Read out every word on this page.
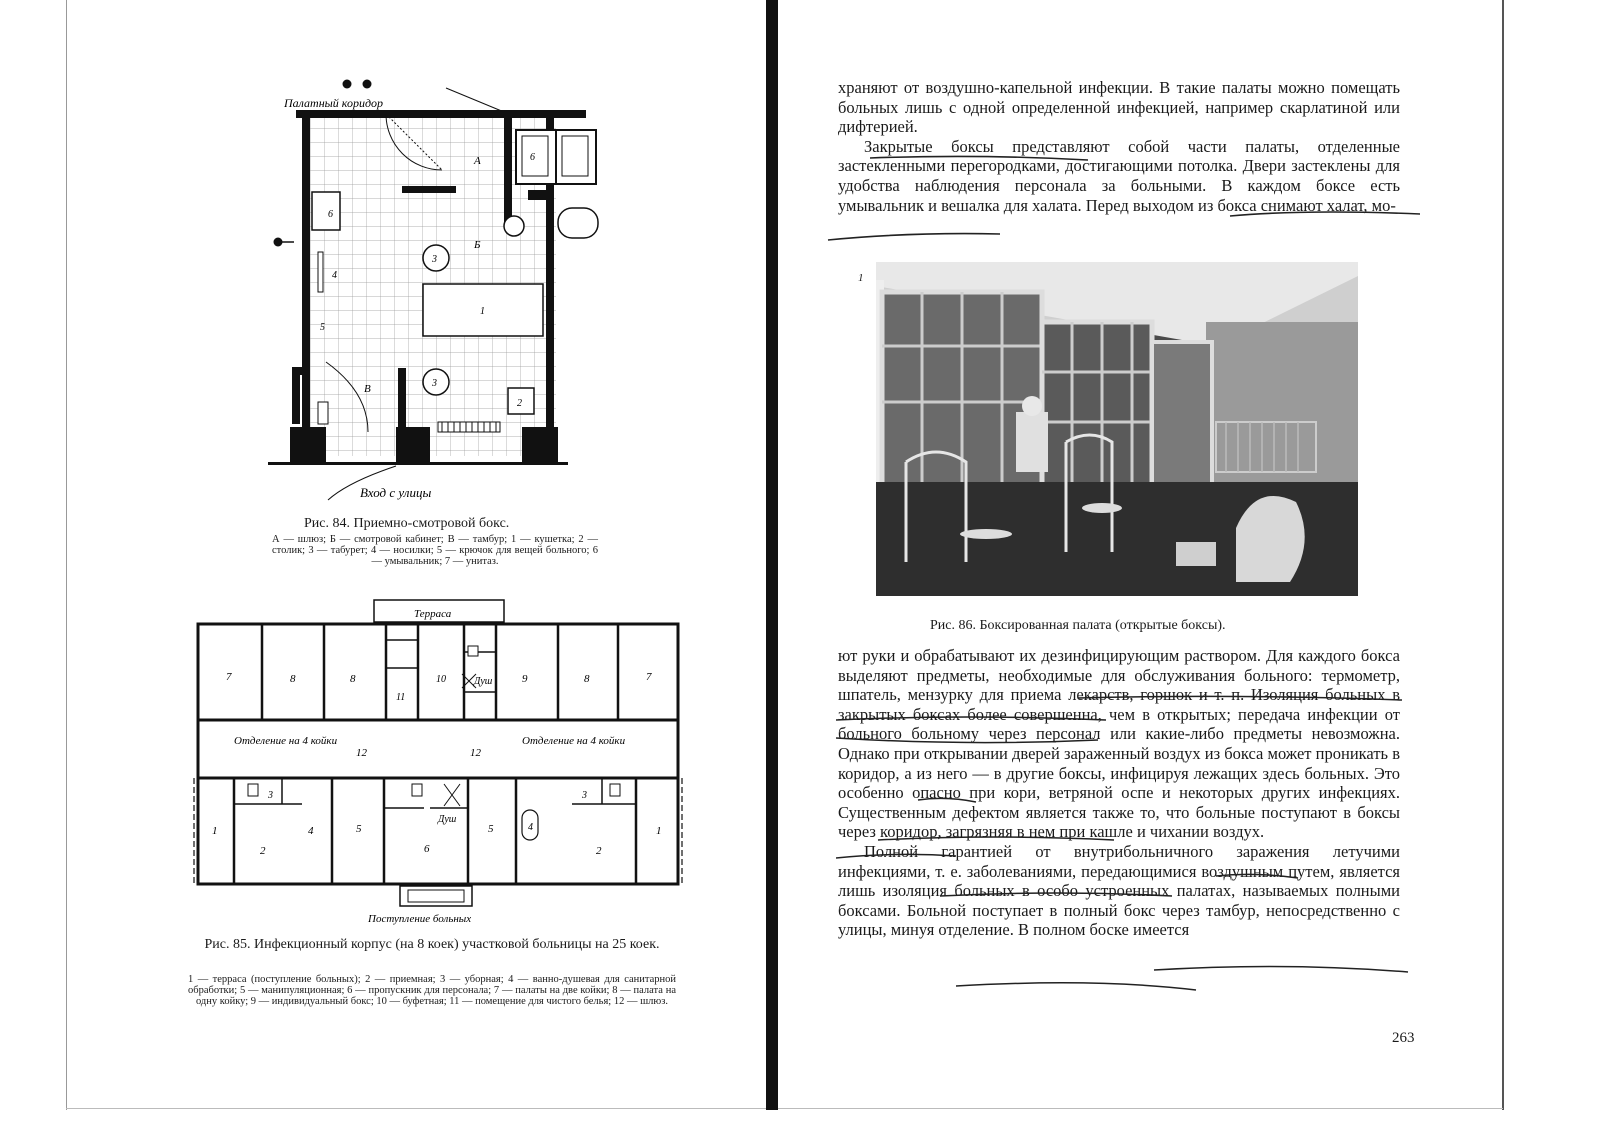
Палатный коридор
А
Б
В
6
6
4
5
3
1
3
2
Вход с улицы
Рис. 84. Приемно-смотровой бокс.
А — шлюз; Б — смотровой кабинет; В — тамбур; 1 — кушетка; 2 — столик; 3 — табурет; 4 — носилки; 5 — крючок для вещей больного; 6 — умывальник; 7 — унитаз.
Терраса
7	8	8
11
10	9	8	7
Душ
Отделение на 4 койки
12	12
Отделение на 4 койки
1
2
3
4	5
6
5	4
3
2
1
Душ
Поступление больных
Рис. 85. Инфекционный корпус (на 8 коек) участковой больницы на 25 коек.
1 — терраса (поступление больных); 2 — приемная; 3 — уборная; 4 — ванно-душевая для санитарной обработки; 5 — манипуляционная; 6 — пропускник для персонала; 7 — палаты на две койки; 8 — палата на одну койку; 9 — индивидуальный бокс; 10 — буфетная; 11 — помещение для чистого белья; 12 — шлюз.

храняют от воздушно-капельной инфекции. В такие палаты можно помещать больных лишь с одной определенной инфекцией, например скарлатиной или дифтерией.

Закрытые боксы представляют собой части палаты, отделенные застекленными перегородками, достигающими потолка. Двери застеклены для удобства наблюдения персонала за больными. В каждом боксе есть умывальник и вешалка для халата. Перед выходом из бокса снимают халат, мо-

1
Рис. 86. Боксированная палата (открытые боксы).

ют руки и обрабатывают их дезинфицирующим раствором. Для каждого бокса выделяют предметы, необходимые для обслуживания больного: термометр, шпатель, мензурку для приема лекарств, горшок и т. п. Изоляция больных в закрытых боксах более совершенна, чем в открытых; передача инфекции от больного больному через персонал или какие-либо предметы невозможна. Однако при открывании дверей зараженный воздух из бокса может проникать в коридор, а из него — в другие боксы, инфицируя лежащих здесь больных. Это особенно опасно при кори, ветряной оспе и некоторых других инфекциях. Существенным дефектом является также то, что больные поступают в боксы через коридор, загрязняя в нем при кашле и чихании воздух.

Полной гарантией от внутрибольничного заражения летучими инфекциями, т. е. заболеваниями, передающимися воздушным путем, является лишь изоляция больных в особо устроенных палатах, называемых полными боксами. Больной поступает в полный бокс через тамбур, непосредственно с улицы, минуя отделение. В полном боске имеется

263
